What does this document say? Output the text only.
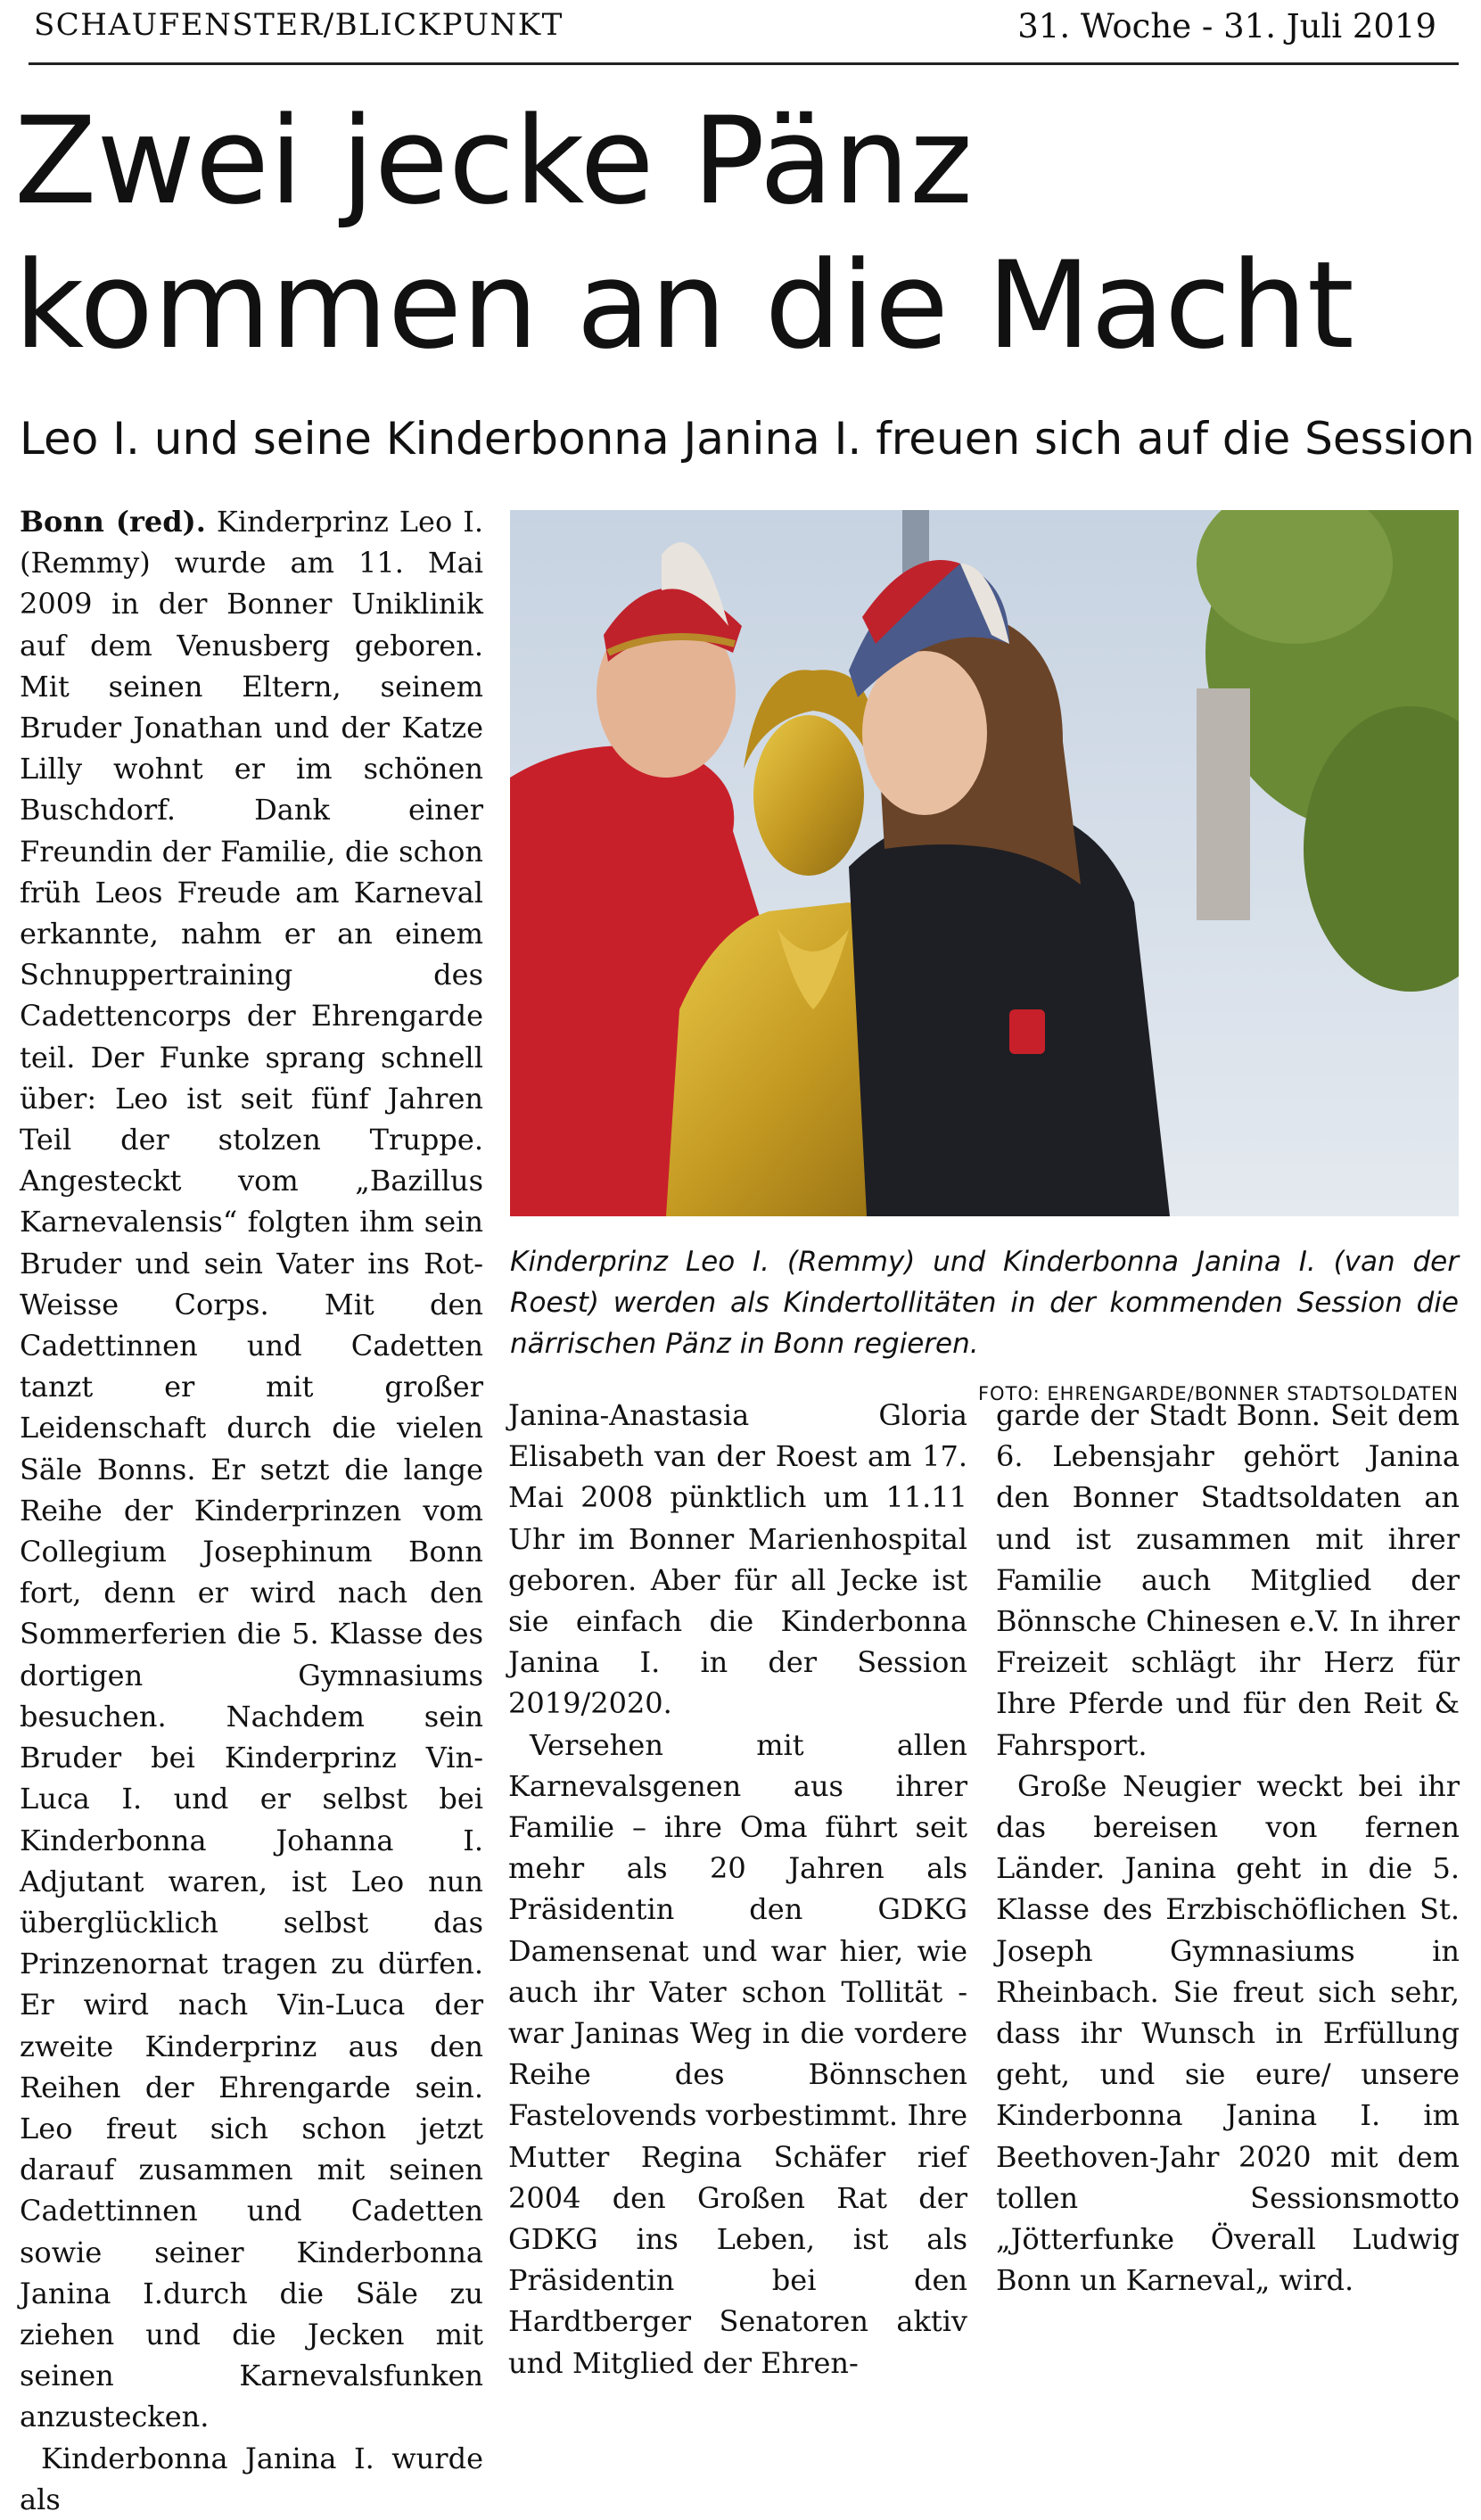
SCHAUFENSTER/BLICKPUNKT	31. Woche - 31. Juli 2019
Zwei jecke Pänz
kommen an die Macht
Leo I. und seine Kinderbonna Janina I. freuen sich auf die Session

Bonn (red). Kinderprinz Leo I. (Remmy) wurde am 11. Mai 2009 in der Bonner Uniklinik auf dem Venusberg geboren. Mit seinen Eltern, seinem Bruder Jonathan und der Katze Lilly wohnt er im schönen Buschdorf. Dank einer Freundin der Familie, die schon früh Leos Freude am Karneval erkannte, nahm er an einem Schnuppertraining des Cadettencorps der Ehrengarde teil. Der Funke sprang schnell über: Leo ist seit fünf Jahren Teil der stolzen Truppe. Angesteckt vom „Bazillus Karnevalensis“ folgten ihm sein Bruder und sein Vater ins Rot-Weisse Corps. Mit den Cadettinnen und Cadetten tanzt er mit großer Leidenschaft durch die vielen Säle Bonns. Er setzt die lange Reihe der Kinderprinzen vom Collegium Josephinum Bonn fort, denn er wird nach den Sommerferien die 5. Klasse des dortigen Gymnasiums besuchen. Nachdem sein Bruder bei Kinderprinz Vin-Luca I. und er selbst bei Kinderbonna Johanna I. Adjutant waren, ist Leo nun überglücklich selbst das Prinzenornat tragen zu dürfen. Er wird nach Vin-Luca der zweite Kinderprinz aus den Reihen der Ehrengarde sein. Leo freut sich schon jetzt darauf zusammen mit seinen Cadettinnen und Cadetten sowie seiner Kinderbonna Janina I.durch die Säle zu ziehen und die Jecken mit seinen Karnevalsfunken anzustecken.

Kinderbonna Janina I. wurde als

Kinderprinz Leo I. (Remmy) und Kinderbonna Janina I. (van der Roest) werden als Kindertollitäten in der kommenden Session die närrischen Pänz in Bonn regieren.
FOTO: EHRENGARDE/BONNER STADTSOLDATEN

Janina-Anastasia Gloria Elisabeth van der Roest am 17. Mai 2008 pünktlich um 11.11 Uhr im Bonner Marienhospital geboren. Aber für all Jecke ist sie einfach die Kinderbonna Janina I. in der Session 2019/2020.

Versehen mit allen Karnevalsgenen aus ihrer Familie – ihre Oma führt seit mehr als 20 Jahren als Präsidentin den GDKG Damensenat und war hier, wie auch ihr Vater schon Tollität - war Janinas Weg in die vordere Reihe des Bönnschen Fastelovends vorbestimmt. Ihre Mutter Regina Schäfer rief 2004 den Großen Rat der GDKG ins Leben, ist als Präsidentin bei den Hardtberger Senatoren aktiv und Mitglied der Ehren-

garde der Stadt Bonn. Seit dem 6. Lebensjahr gehört Janina den Bonner Stadtsoldaten an und ist zusammen mit ihrer Familie auch Mitglied der Bönnsche Chinesen e.V. In ihrer Freizeit schlägt ihr Herz für Ihre Pferde und für den Reit & Fahrsport.

Große Neugier weckt bei ihr das bereisen von fernen Länder. Janina geht in die 5. Klasse des Erzbischöflichen St. Joseph Gymnasiums in Rheinbach. Sie freut sich sehr, dass ihr Wunsch in Erfüllung geht, und sie eure/ unsere Kinderbonna Janina I. im Beethoven-Jahr 2020 mit dem tollen Sessionsmotto „Jötterfunke Överall Ludwig Bonn un Karneval„ wird.
